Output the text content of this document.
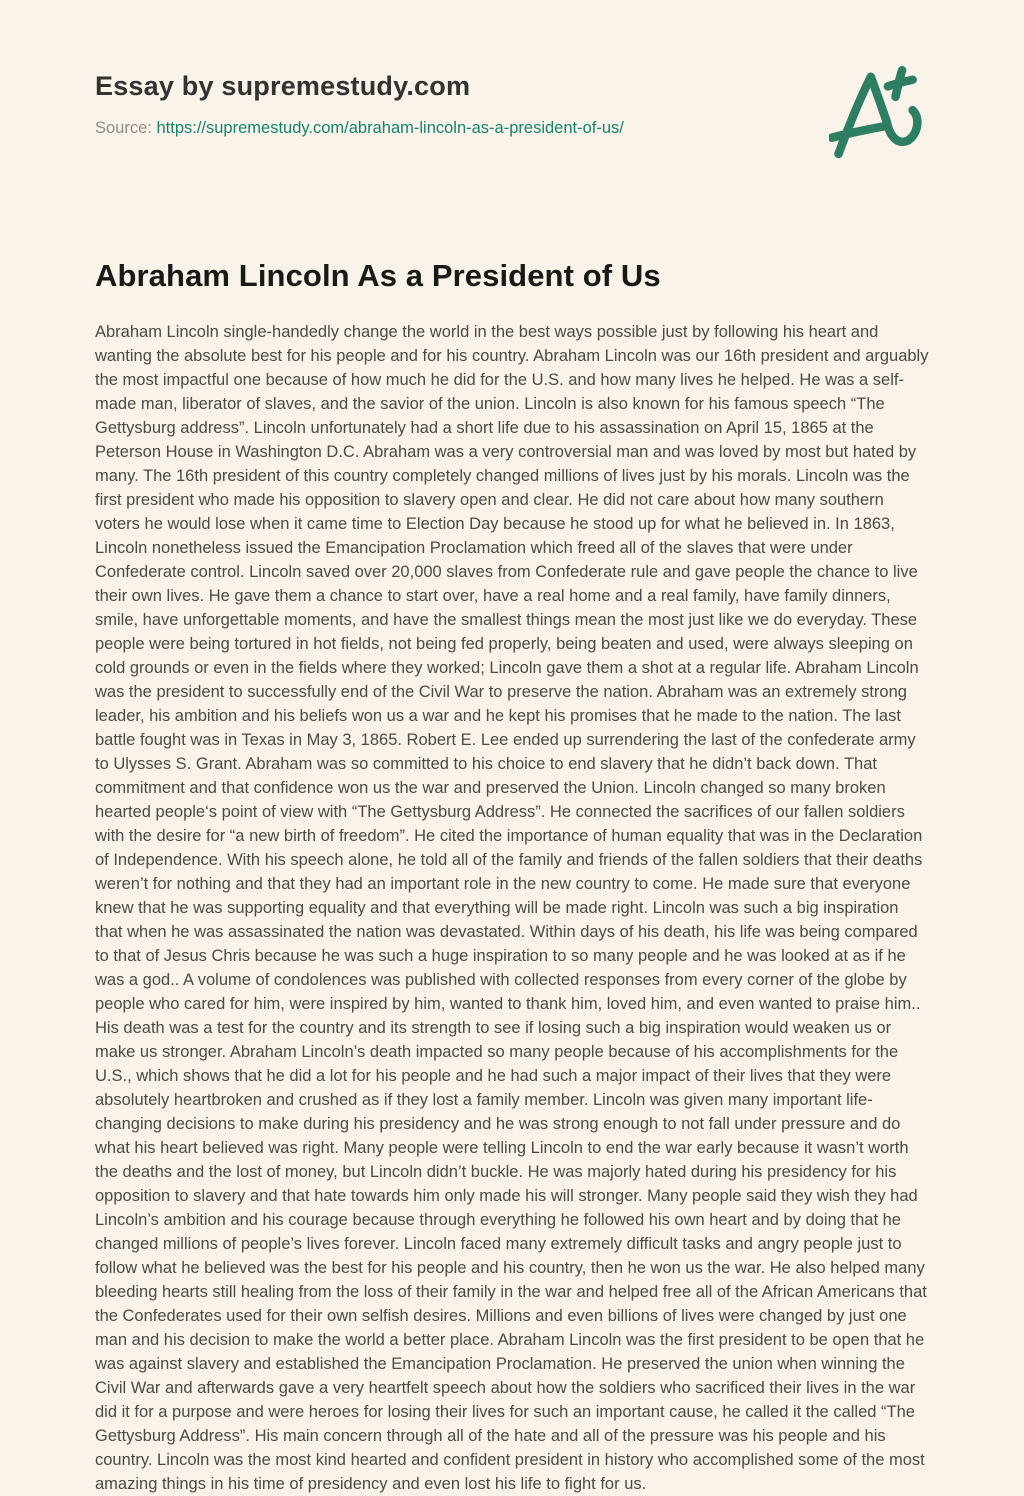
Essay by supremestudy.com
Source: https://supremestudy.com/abraham-lincoln-as-a-president-of-us/
Abraham Lincoln As a President of Us

Abraham Lincoln single-handedly change the world in the best ways possible just by following his heart and wanting the absolute best for his people and for his country. Abraham Lincoln was our 16th president and arguably the most impactful one because of how much he did for the U.S. and how many lives he helped. He was a self-made man, liberator of slaves, and the savior of the union. Lincoln is also known for his famous speech “The Gettysburg address”. Lincoln unfortunately had a short life due to his assassination on April 15, 1865 at the Peterson House in Washington D.C. Abraham was a very controversial man and was loved by most but hated by many. The 16th president of this country completely changed millions of lives just by his morals. Lincoln was the first president who made his opposition to slavery open and clear. He did not care about how many southern voters he would lose when it came time to Election Day because he stood up for what he believed in. In 1863, Lincoln nonetheless issued the Emancipation Proclamation which freed all of the slaves that were under Confederate control. Lincoln saved over 20,000 slaves from Confederate rule and gave people the chance to live their own lives. He gave them a chance to start over, have a real home and a real family, have family dinners, smile, have unforgettable moments, and have the smallest things mean the most just like we do everyday. These people were being tortured in hot fields, not being fed properly, being beaten and used, were always sleeping on cold grounds or even in the fields where they worked; Lincoln gave them a shot at a regular life. Abraham Lincoln was the president to successfully end of the Civil War to preserve the nation. Abraham was an extremely strong leader, his ambition and his beliefs won us a war and he kept his promises that he made to the nation. The last battle fought was in Texas in May 3, 1865. Robert E. Lee ended up surrendering the last of the confederate army to Ulysses S. Grant. Abraham was so committed to his choice to end slavery that he didn’t back down. That commitment and that confidence won us the war and preserved the Union. Lincoln changed so many broken hearted people‘s point of view with “The Gettysburg Address”. He connected the sacrifices of our fallen soldiers with the desire for “a new birth of freedom”. He cited the importance of human equality that was in the Declaration of Independence. With his speech alone, he told all of the family and friends of the fallen soldiers that their deaths weren’t for nothing and that they had an important role in the new country to come. He made sure that everyone knew that he was supporting equality and that everything will be made right. Lincoln was such a big inspiration that when he was assassinated the nation was devastated. Within days of his death, his life was being compared to that of Jesus Chris because he was such a huge inspiration to so many people and he was looked at as if he was a god.. A volume of condolences was published with collected responses from every corner of the globe by people who cared for him, were inspired by him, wanted to thank him, loved him, and even wanted to praise him.. His death was a test for the country and its strength to see if losing such a big inspiration would weaken us or make us stronger. Abraham Lincoln’s death impacted so many people because of his accomplishments for the U.S., which shows that he did a lot for his people and he had such a major impact of their lives that they were absolutely heartbroken and crushed as if they lost a family member. Lincoln was given many important life-changing decisions to make during his presidency and he was strong enough to not fall under pressure and do what his heart believed was right. Many people were telling Lincoln to end the war early because it wasn’t worth the deaths and the lost of money, but Lincoln didn’t buckle. He was majorly hated during his presidency for his opposition to slavery and that hate towards him only made his will stronger. Many people said they wish they had Lincoln’s ambition and his courage because through everything he followed his own heart and by doing that he changed millions of people’s lives forever. Lincoln faced many extremely difficult tasks and angry people just to follow what he believed was the best for his people and his country, then he won us the war. He also helped many bleeding hearts still healing from the loss of their family in the war and helped free all of the African Americans that the Confederates used for their own selfish desires. Millions and even billions of lives were changed by just one man and his decision to make the world a better place. Abraham Lincoln was the first president to be open that he was against slavery and established the Emancipation Proclamation. He preserved the union when winning the Civil War and afterwards gave a very heartfelt speech about how the soldiers who sacrificed their lives in the war did it for a purpose and were heroes for losing their lives for such an important cause, he called it the called “The Gettysburg Address”. His main concern through all of the hate and all of the pressure was his people and his country. Lincoln was the most kind hearted and confident president in history who accomplished some of the most amazing things in his time of presidency and even lost his life to fight for us.
